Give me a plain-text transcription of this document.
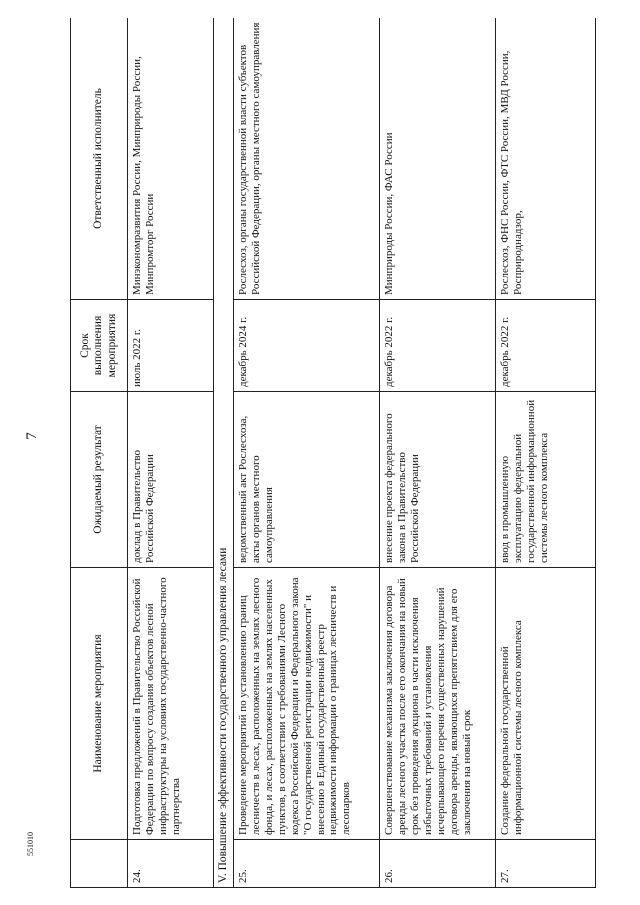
7
	Наименование мероприятия	Ожидаемый результат	Срок выполнения мероприятия	Ответственный исполнитель
24.	Подготовка предложений в Правительство Российской Федерации по вопросу создания объектов лесной инфраструктуры на условиях государственно-частного партнерства	доклад в Правительство Российской Федерации	июль 2022 г.	Минэкономразвития России, Минприроды России, Минпромторг России
V. Повышение эффективности государственного управления лесами				
25.	Проведение мероприятий по установлению границ лесничеств в лесах, расположенных на землях лесного фонда, и лесах, расположенных на землях населенных пунктов, в соответствии с требованиями Лесного кодекса Российской Федерации и Федерального закона "О государственной регистрации недвижимости" и внесению в Единый государственный реестр недвижимости информации о границах лесничеств и лесопарков	ведомственный акт Рослесхоза, акты органов местного самоуправления	декабрь 2024 г.	Рослесхоз, органы государственной власти субъектов Российской Федерации, органы местного самоуправления
26.	Совершенствование механизма заключения договора аренды лесного участка после его окончания на новый срок без проведения аукциона в части исключения избыточных требований и установления исчерпывающего перечня существенных нарушений договора аренды, являющихся препятствием для его заключения на новый срок	внесение проекта федерального закона в Правительство Российской Федерации	декабрь 2022 г.	Минприроды России, ФАС России
27.	Создание федеральной государственной информационной системы лесного комплекса	ввод в промышленную эксплуатацию федеральной государственной информационной системы лесного комплекса	декабрь 2022 г.	Рослесхоз, ФНС России, ФТС России, МВД России, Росприроднадзор,
551010
